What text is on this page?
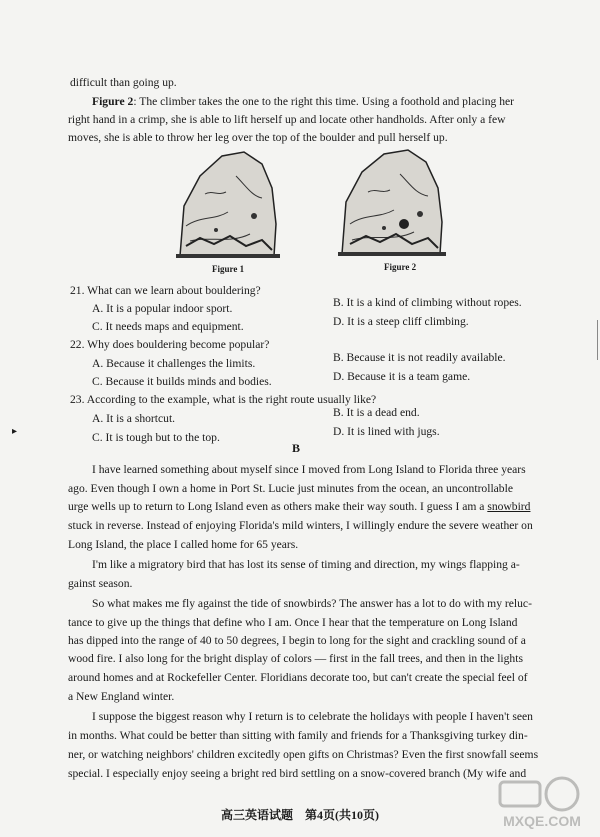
difficult than going up.
Figure 2: The climber takes the one to the right this time. Using a foothold and placing her
right hand in a crimp, she is able to lift herself up and locate other handholds. After only a few
moves, she is able to throw her leg over the top of the boulder and pull herself up.
Figure 1	Figure 2
21. What can we learn about bouldering?
A. It is a popular indoor sport.	B. It is a kind of climbing without ropes.
C. It needs maps and equipment.	D. It is a steep cliff climbing.
22. Why does bouldering become popular?
A. Because it challenges the limits.	B. Because it is not readily available.
C. Because it builds minds and bodies.	D. Because it is a team game.
23. According to the example, what is the right route usually like?
A. It is a shortcut.	B. It is a dead end.
C. It is tough but to the top.	D. It is lined with jugs.
▸
B
I have learned something about myself since I moved from Long Island to Florida three years
ago. Even though I own a home in Port St. Lucie just minutes from the ocean, an uncontrollable
urge wells up to return to Long Island even as others make their way south. I guess I am a snowbird
stuck in reverse. Instead of enjoying Florida's mild winters, I willingly endure the severe weather on
Long Island, the place I called home for 65 years.
I'm like a migratory bird that has lost its sense of timing and direction, my wings flapping a-
gainst season.
So what makes me fly against the tide of snowbirds? The answer has a lot to do with my reluc-
tance to give up the things that define who I am. Once I hear that the temperature on Long Island
has dipped into the range of 40 to 50 degrees, I begin to long for the sight and crackling sound of a
wood fire. I also long for the bright display of colors — first in the fall trees, and then in the lights
around homes and at Rockefeller Center. Floridians decorate too, but can't create the special feel of
a New England winter.
I suppose the biggest reason why I return is to celebrate the holidays with people I haven't seen
in months. What could be better than sitting with family and friends for a Thanksgiving turkey din-
ner, or watching neighbors' children excitedly open gifts on Christmas? Even the first snowfall seems
special. I especially enjoy seeing a bright red bird settling on a snow-covered branch (My wife and
高三英语试题　第4页(共10页)	MXQE.COM
